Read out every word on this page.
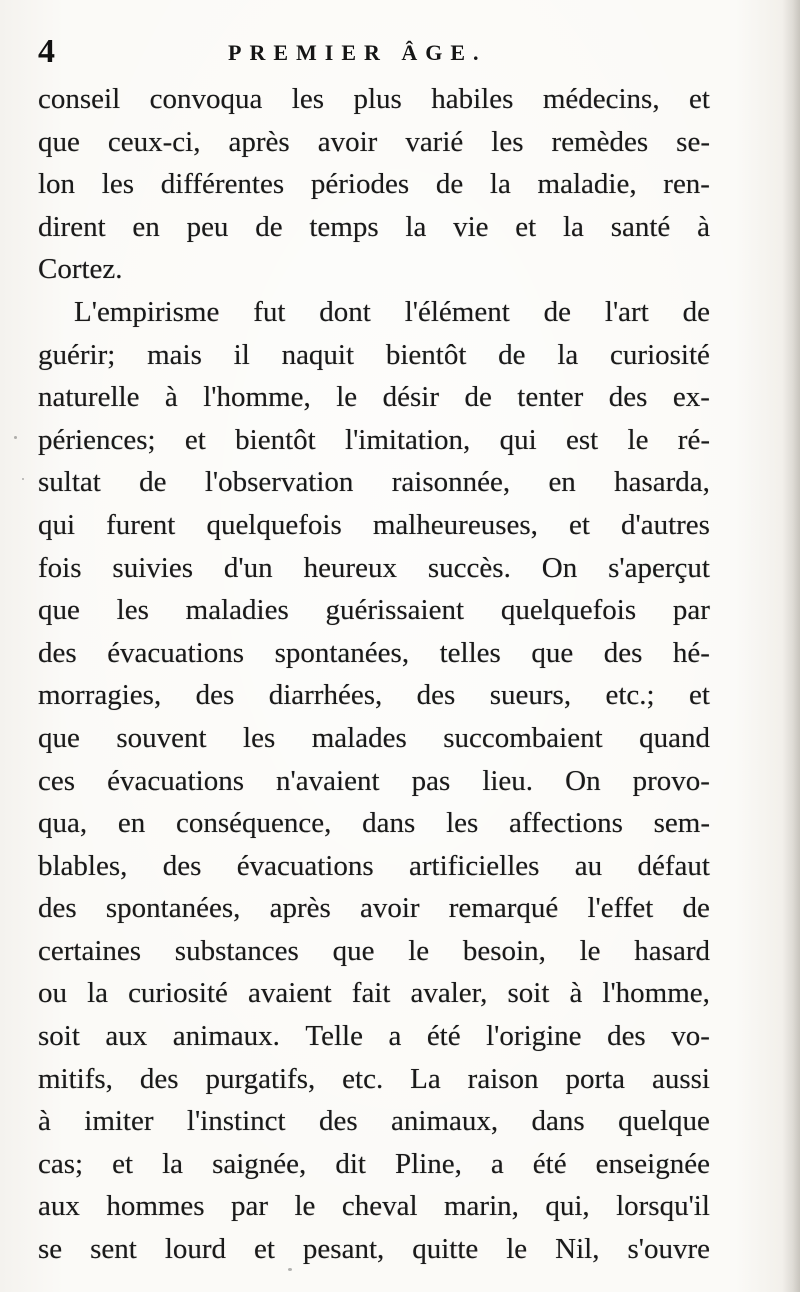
4	PREMIER ÂGE.
conseil convoqua les plus habiles médecins, et
que ceux-ci, après avoir varié les remèdes se-
lon les différentes périodes de la maladie, ren-
dirent en peu de temps la vie et la santé à
Cortez.
L'empirisme fut dont l'élément de l'art de
guérir; mais il naquit bientôt de la curiosité
naturelle à l'homme, le désir de tenter des ex-
périences; et bientôt l'imitation, qui est le ré-
sultat de l'observation raisonnée, en hasarda,
qui furent quelquefois malheureuses, et d'autres
fois suivies d'un heureux succès. On s'aperçut
que les maladies guérissaient quelquefois par
des évacuations spontanées, telles que des hé-
morragies, des diarrhées, des sueurs, etc.; et
que souvent les malades succombaient quand
ces évacuations n'avaient pas lieu. On provo-
qua, en conséquence, dans les affections sem-
blables, des évacuations artificielles au défaut
des spontanées, après avoir remarqué l'effet de
certaines substances que le besoin, le hasard
ou la curiosité avaient fait avaler, soit à l'homme,
soit aux animaux. Telle a été l'origine des vo-
mitifs, des purgatifs, etc. La raison porta aussi
à imiter l'instinct des animaux, dans quelque
cas; et la saignée, dit Pline, a été enseignée
aux hommes par le cheval marin, qui, lorsqu'il
se sent lourd et pesant, quitte le Nil, s'ouvre
